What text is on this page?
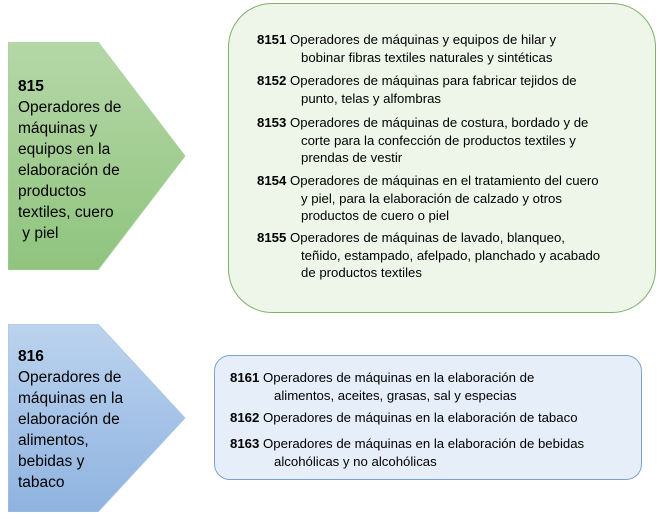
815
Operadores de
máquinas y
equipos en la
elaboración de
productos
textiles, cuero
y piel
8151 Operadores de máquinas y equipos de hilar y
bobinar fibras textiles naturales y sintéticas
8152 Operadores de máquinas para fabricar tejidos de
punto, telas y alfombras
8153 Operadores de máquinas de costura, bordado y de
corte para la confección de productos textiles y
prendas de vestir
8154 Operadores de máquinas en el tratamiento del cuero
y piel, para la elaboración de calzado y otros
productos de cuero o piel
8155 Operadores de máquinas de lavado, blanqueo,
teñido, estampado, afelpado, planchado y acabado
de productos textiles
816
Operadores de
máquinas en la
elaboración de
alimentos,
bebidas y
tabaco
8161 Operadores de máquinas en la elaboración de
alimentos, aceites, grasas, sal y especias
8162 Operadores de máquinas en la elaboración de tabaco
8163 Operadores de máquinas en la elaboración de bebidas
alcohólicas y no alcohólicas
